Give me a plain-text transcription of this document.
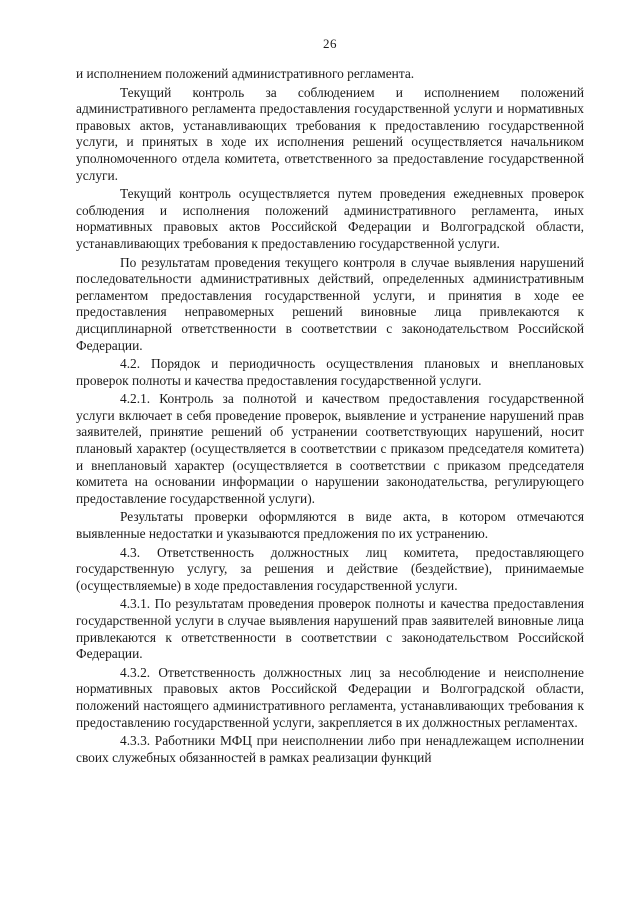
26

и исполнением положений административного регламента.

Текущий контроль за соблюдением и исполнением положений административного регламента предоставления государственной услуги и нормативных правовых актов, устанавливающих требования к предоставлению государственной услуги, и принятых в ходе их исполнения решений осуществляется начальником уполномоченного отдела комитета, ответственного за предоставление государственной услуги.

Текущий контроль осуществляется путем проведения ежедневных проверок соблюдения и исполнения положений административного регламента, иных нормативных правовых актов Российской Федерации и Волгоградской области, устанавливающих требования к предоставлению государственной услуги.

По результатам проведения текущего контроля в случае выявления нарушений последовательности административных действий, определенных административным регламентом предоставления государственной услуги, и принятия в ходе ее предоставления неправомерных решений виновные лица привлекаются к дисциплинарной ответственности в соответствии с законодательством Российской Федерации.

4.2. Порядок и периодичность осуществления плановых и внеплановых проверок полноты и качества предоставления государственной услуги.

4.2.1. Контроль за полнотой и качеством предоставления государственной услуги включает в себя проведение проверок, выявление и устранение нарушений прав заявителей, принятие решений об устранении соответствующих нарушений, носит плановый характер (осуществляется в соответствии с приказом председателя комитета) и внеплановый характер (осуществляется в соответствии с приказом председателя комитета на основании информации о нарушении законодательства, регулирующего предоставление государственной услуги).

Результаты проверки оформляются в виде акта, в котором отмечаются выявленные недостатки и указываются предложения по их устранению.

4.3. Ответственность должностных лиц комитета, предоставляющего государственную услугу, за решения и действие (бездействие), принимаемые (осуществляемые) в ходе предоставления государственной услуги.

4.3.1. По результатам проведения проверок полноты и качества предоставления государственной услуги в случае выявления нарушений прав заявителей виновные лица привлекаются к ответственности в соответствии с законодательством Российской Федерации.

4.3.2. Ответственность должностных лиц за несоблюдение и неисполнение нормативных правовых актов Российской Федерации и Волгоградской области, положений настоящего административного регламента, устанавливающих требования к предоставлению государственной услуги, закрепляется в их должностных регламентах.

4.3.3. Работники МФЦ при неисполнении либо при ненадлежащем исполнении своих служебных обязанностей в рамках реализации функций
